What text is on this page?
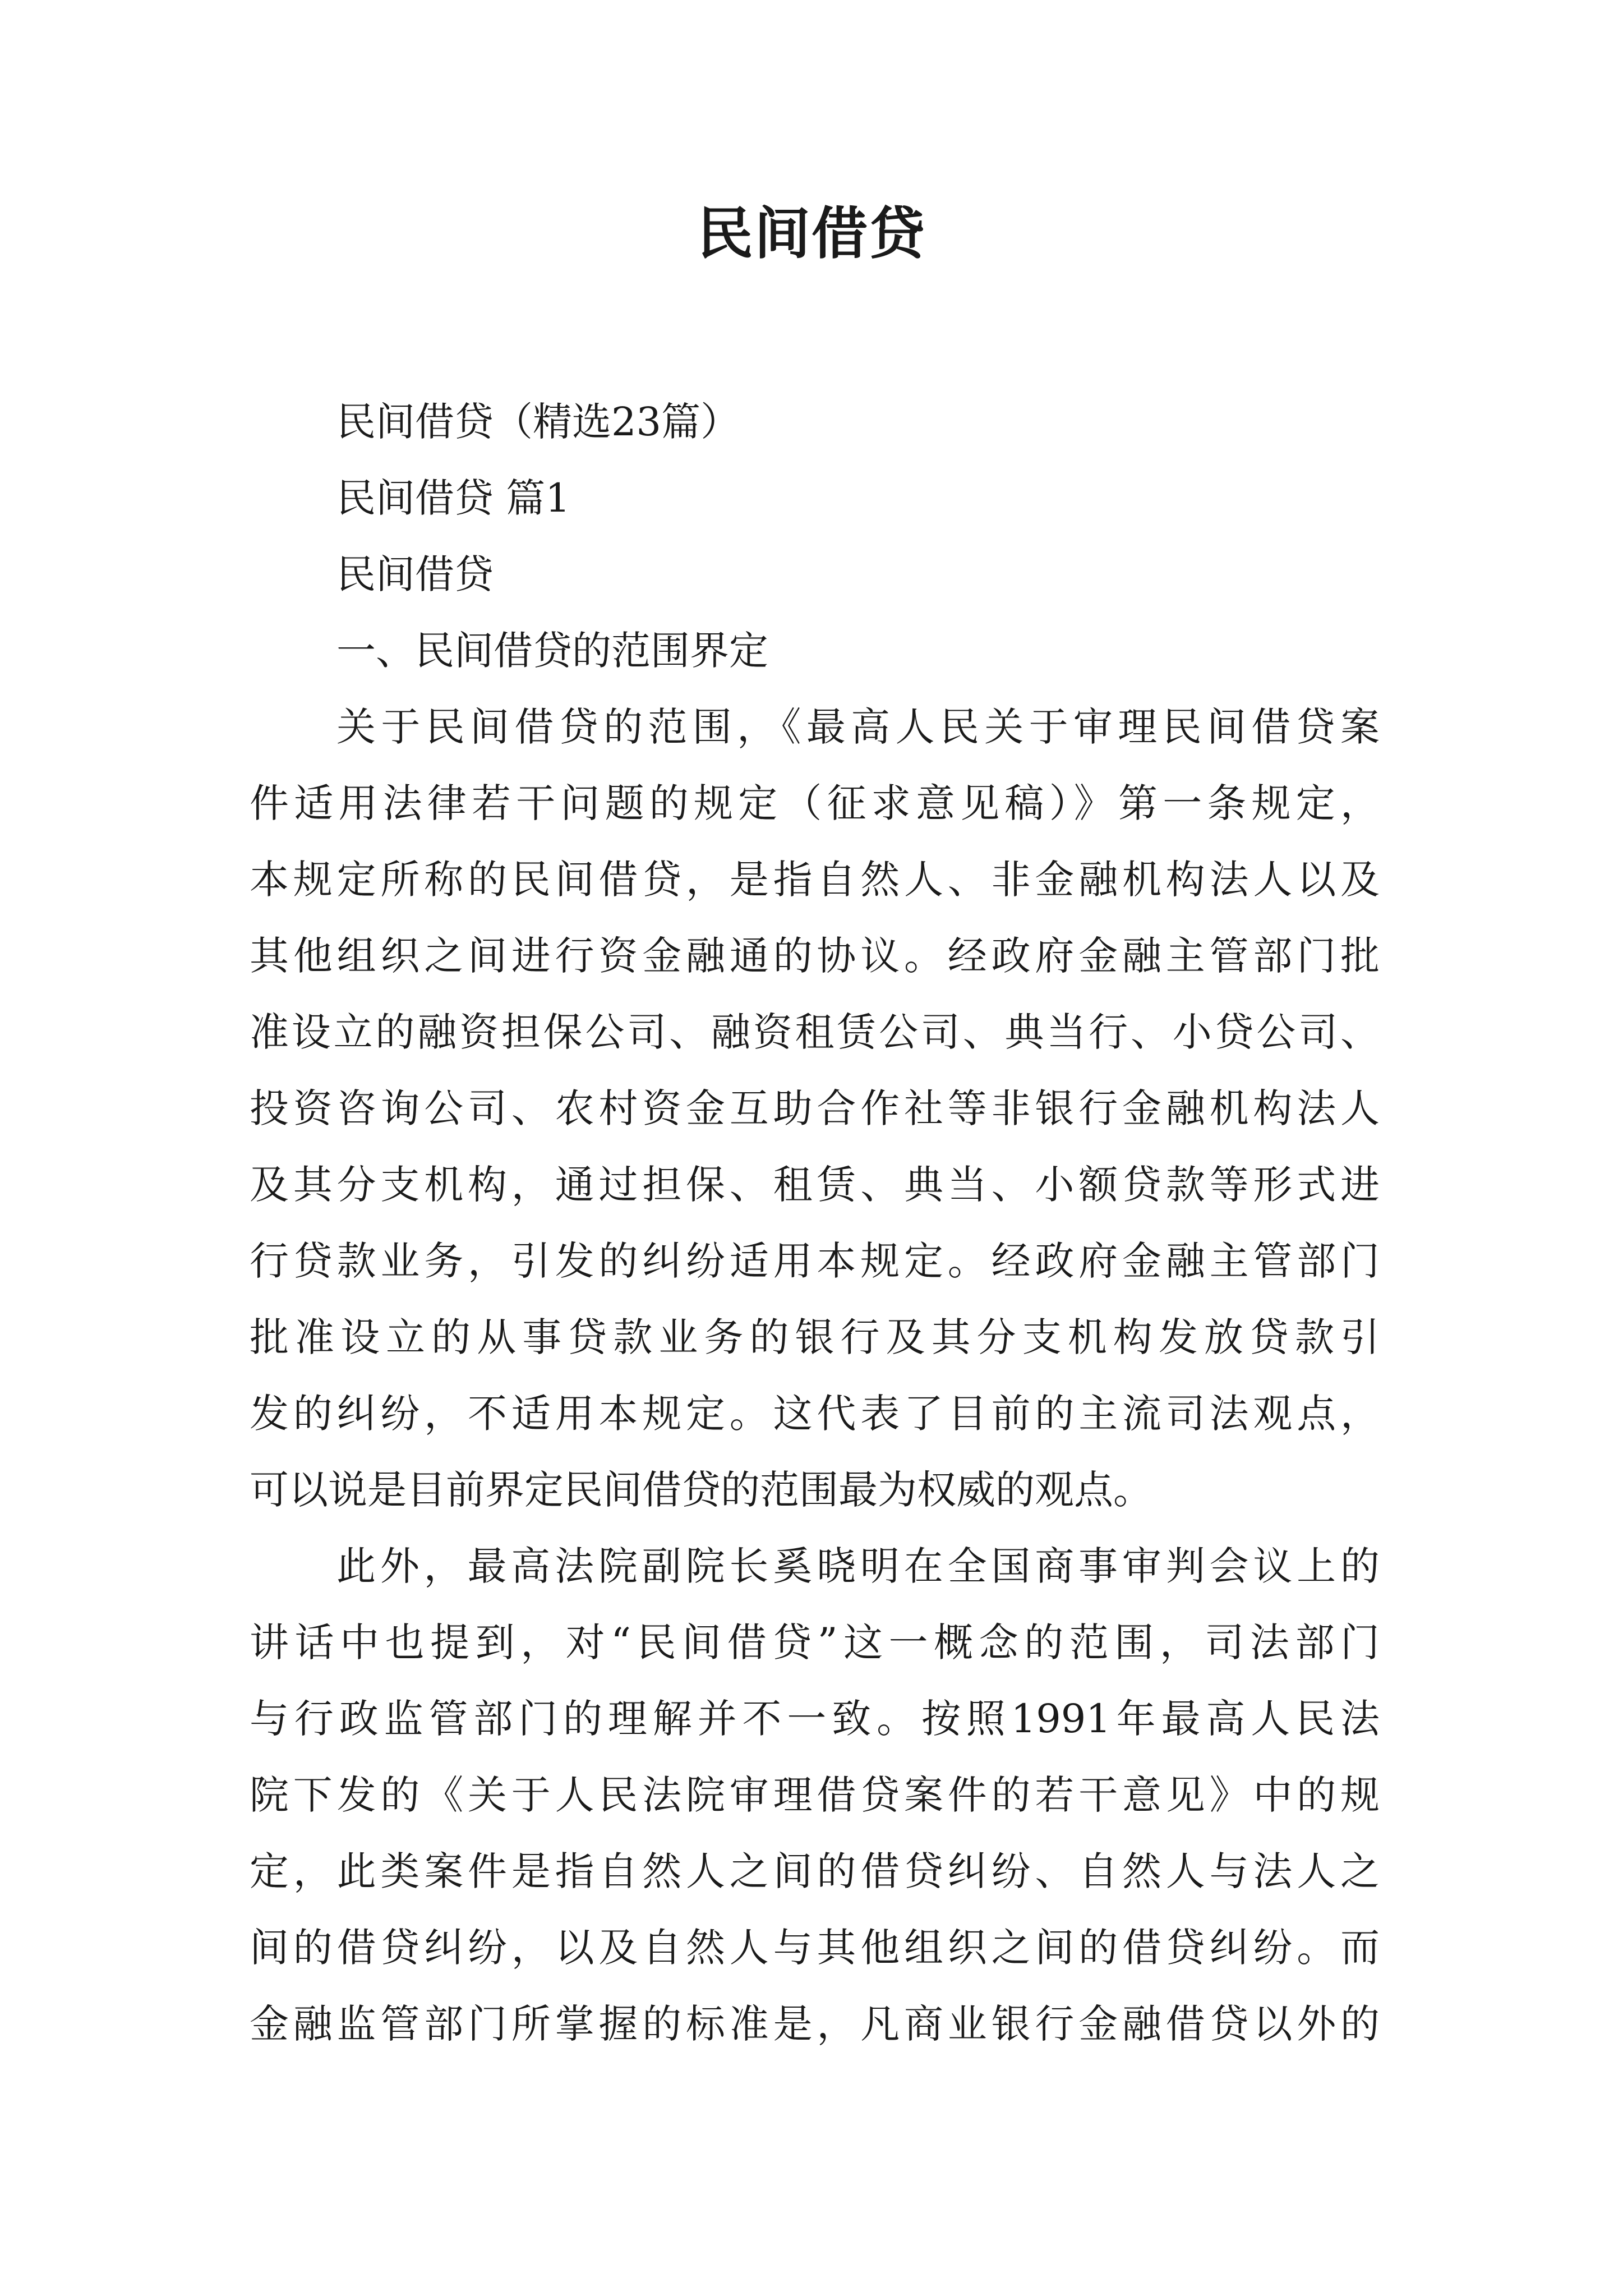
民间借贷

民间借贷（精选23篇）

民间借贷 篇1

民间借贷

一、民间借贷的范围界定

关于民间借贷的范围，《最高人民关于审理民间借贷案

件适用法律若干问题的规定（征求意见稿）》第一条规定，

本规定所称的民间借贷，是指自然人、非金融机构法人以及

其他组织之间进行资金融通的协议。经政府金融主管部门批

准设立的融资担保公司、融资租赁公司、典当行、小贷公司、

投资咨询公司、农村资金互助合作社等非银行金融机构法人

及其分支机构，通过担保、租赁、典当、小额贷款等形式进

行贷款业务，引发的纠纷适用本规定。经政府金融主管部门

批准设立的从事贷款业务的银行及其分支机构发放贷款引

发的纠纷，不适用本规定。这代表了目前的主流司法观点，

可以说是目前界定民间借贷的范围最为权威的观点。

此外，最高法院副院长奚晓明在全国商事审判会议上的

讲话中也提到，对“民间借贷”这一概念的范围，司法部门

与行政监管部门的理解并不一致。按照1991年最高人民法

院下发的《关于人民法院审理借贷案件的若干意见》中的规

定，此类案件是指自然人之间的借贷纠纷、自然人与法人之

间的借贷纠纷，以及自然人与其他组织之间的借贷纠纷。而

金融监管部门所掌握的标准是，凡商业银行金融借贷以外的
